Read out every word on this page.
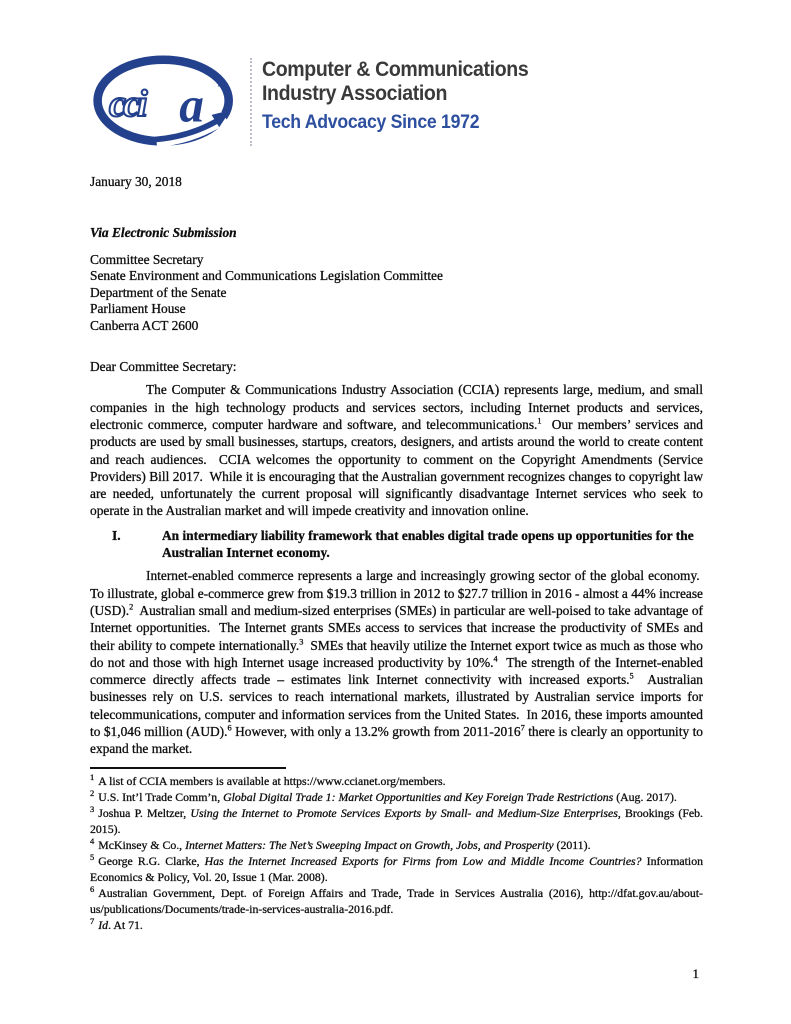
cci a ™
Computer & Communications
Industry Association
Tech Advocacy Since 1972
January 30, 2018
Via Electronic Submission
Committee Secretary
Senate Environment and Communications Legislation Committee
Department of the Senate
Parliament House
Canberra ACT 2600
Dear Committee Secretary:

The Computer & Communications Industry Association (CCIA) represents large, medium, and small companies in the high technology products and services sectors, including Internet products and services, electronic commerce, computer hardware and software, and telecommunications.$^1$  Our members’ services and products are used by small businesses, startups, creators, designers, and artists around the world to create content and reach audiences.  CCIA welcomes the opportunity to comment on the Copyright Amendments (Service Providers) Bill 2017.  While it is encouraging that the Australian government recognizes changes to copyright law are needed, unfortunately the current proposal will significantly disadvantage Internet services who seek to operate in the Australian market and will impede creativity and innovation online.

I.	An intermediary liability framework that enables digital trade opens up opportunities for the Australian Internet economy.

Internet-enabled commerce represents a large and increasingly growing sector of the global economy.  To illustrate, global e-commerce grew from $19.3 trillion in 2012 to $27.7 trillion in 2016 - almost a 44% increase (USD).$^2$  Australian small and medium-sized enterprises (SMEs) in particular are well-poised to take advantage of Internet opportunities.  The Internet grants SMEs access to services that increase the productivity of SMEs and their ability to compete internationally.$^3$  SMEs that heavily utilize the Internet export twice as much as those who do not and those with high Internet usage increased productivity by 10%.$^4$  The strength of the Internet-enabled commerce directly affects trade – estimates link Internet connectivity with increased exports.$^5$  Australian businesses rely on U.S. services to reach international markets, illustrated by Australian service imports for telecommunications, computer and information services from the United States.  In 2016, these imports amounted to $1,046 million (AUD).$^6$ However, with only a 13.2% growth from 2011-2016$^7$ there is clearly an opportunity to expand the market.

$^1$ A list of CCIA members is available at https://www.ccianet.org/members.
$^2$ U.S. Int’l Trade Comm’n, Global Digital Trade 1: Market Opportunities and Key Foreign Trade Restrictions (Aug. 2017).
$^3$ Joshua P. Meltzer, Using the Internet to Promote Services Exports by Small- and Medium-Size Enterprises, Brookings (Feb. 2015).
$^4$ McKinsey & Co., Internet Matters: The Net’s Sweeping Impact on Growth, Jobs, and Prosperity (2011).
$^5$ George R.G. Clarke, Has the Internet Increased Exports for Firms from Low and Middle Income Countries? Information Economics & Policy, Vol. 20, Issue 1 (Mar. 2008).
$^6$ Australian Government, Dept. of Foreign Affairs and Trade, Trade in Services Australia (2016), http://dfat.gov.au/about-us/publications/Documents/trade-in-services-australia-2016.pdf.
$^7$ Id. At 71.
1
